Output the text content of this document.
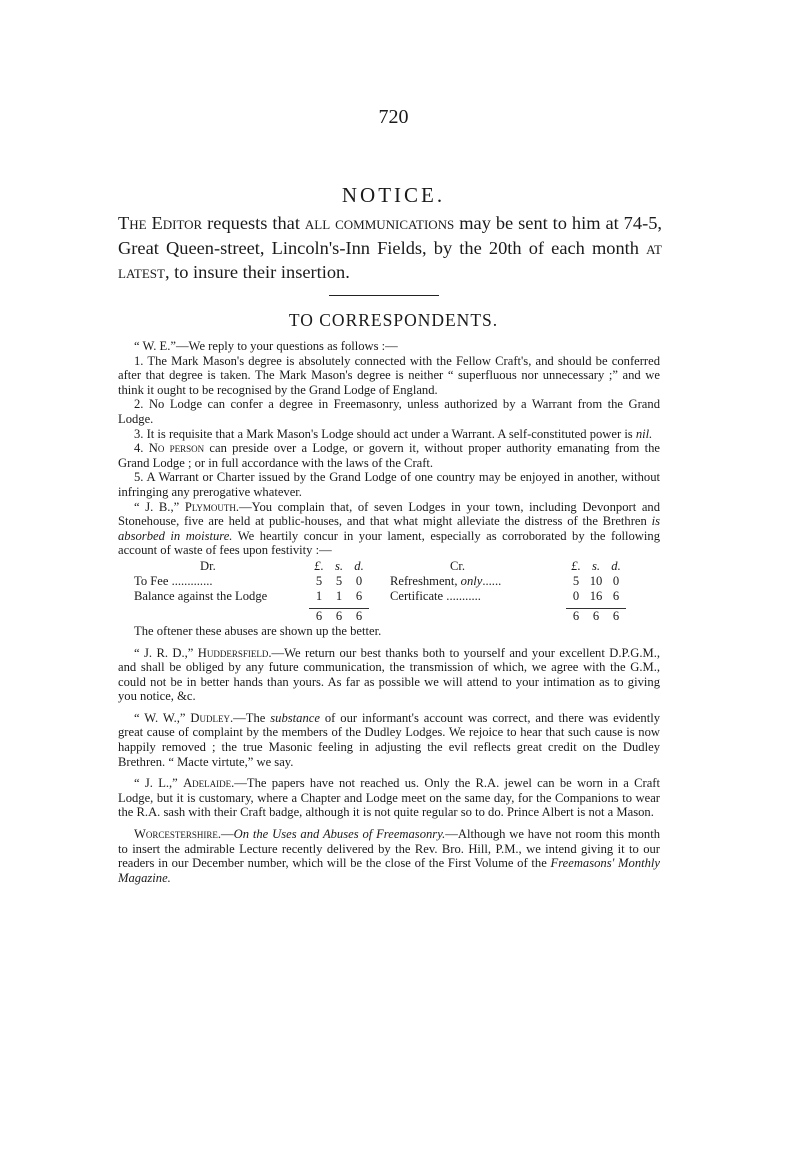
720
NOTICE.
The Editor requests that all communications may be sent to him at 74-5, Great Queen-street, Lincoln's-Inn Fields, by the 20th of each month at latest, to insure their insertion.
TO CORRESPONDENTS.

“ W. E.”—We reply to your questions as follows :—

1. The Mark Mason's degree is absolutely connected with the Fellow Craft's, and should be conferred after that degree is taken. The Mark Mason's degree is neither “ superfluous nor unnecessary ;” and we think it ought to be recognised by the Grand Lodge of England.

2. No Lodge can confer a degree in Freemasonry, unless authorized by a Warrant from the Grand Lodge.

3. It is requisite that a Mark Mason's Lodge should act under a Warrant. A self-constituted power is nil.

4. No person can preside over a Lodge, or govern it, without proper authority emanating from the Grand Lodge ; or in full accordance with the laws of the Craft.

5. A Warrant or Charter issued by the Grand Lodge of one country may be enjoyed in another, without infringing any prerogative whatever.

“ J. B.,” Plymouth.—You complain that, of seven Lodges in your town, including Devonport and Stonehouse, five are held at public-houses, and that what might alleviate the distress of the Brethren is absorbed in moisture. We heartily concur in your lament, especially as corroborated by the following account of waste of fees upon festivity :—

Dr.	£. s. d.	Cr.	£. s. d.
To Fee .............	5	5	0	Refreshment, only......	5 10 0
Balance against the Lodge	1	1	6	Certificate ...........	0 16 6
6	6	6	6	6	6

The oftener these abuses are shown up the better.

“ J. R. D.,” Huddersfield.—We return our best thanks both to yourself and your excellent D.P.G.M., and shall be obliged by any future communication, the transmission of which, we agree with the G.M., could not be in better hands than yours. As far as possible we will attend to your intimation as to giving you notice, &c.

“ W. W.,” Dudley.—The substance of our informant's account was correct, and there was evidently great cause of complaint by the members of the Dudley Lodges. We rejoice to hear that such cause is now happily removed ; the true Masonic feeling in adjusting the evil reflects great credit on the Dudley Brethren. “ Macte virtute,” we say.

“ J. L.,” Adelaide.—The papers have not reached us. Only the R.A. jewel can be worn in a Craft Lodge, but it is customary, where a Chapter and Lodge meet on the same day, for the Companions to wear the R.A. sash with their Craft badge, although it is not quite regular so to do. Prince Albert is not a Mason.

Worcestershire.—On the Uses and Abuses of Freemasonry.—Although we have not room this month to insert the admirable Lecture recently delivered by the Rev. Bro. Hill, P.M., we intend giving it to our readers in our December number, which will be the close of the First Volume of the Freemasons' Monthly Magazine.
